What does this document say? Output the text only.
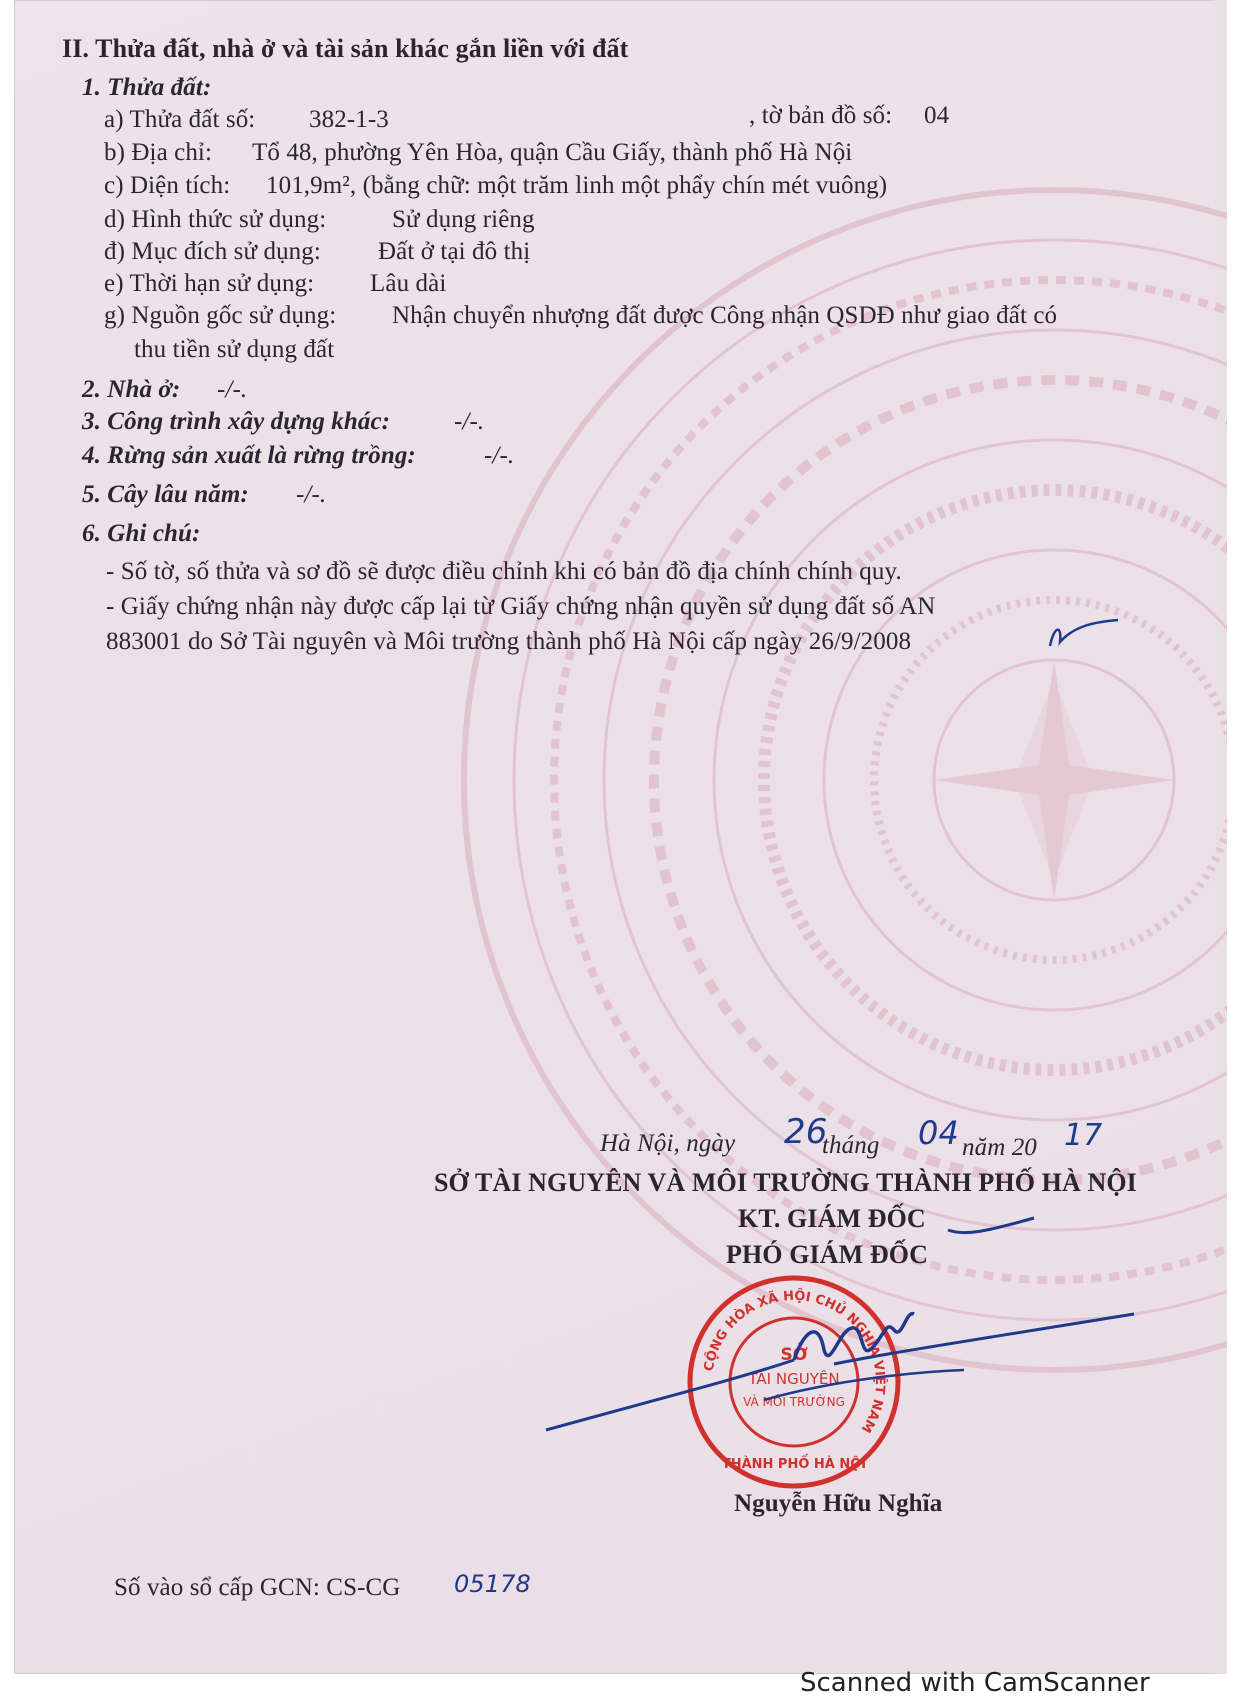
II. Thửa đất, nhà ở và tài sản khác gắn liền với đất
1. Thửa đất:
a) Thửa đất số: 382-1-3	, tờ bản đồ số: 04
b) Địa chỉ: Tổ 48, phường Yên Hòa, quận Cầu Giấy, thành phố Hà Nội
c) Diện tích: 101,9m², (bằng chữ: một trăm linh một phẩy chín mét vuông)
d) Hình thức sử dụng:	Sử dụng riêng
đ) Mục đích sử dụng: Đất ở tại đô thị
e) Thời hạn sử dụng: Lâu dài
g) Nguồn gốc sử dụng: Nhận chuyển nhượng đất được Công nhận QSDĐ như giao đất có
thu tiền sử dụng đất
2. Nhà ở: -/-.
3. Công trình xây dựng khác:	-/-.
4. Rừng sản xuất là rừng trồng:	-/-.
5. Cây lâu năm: -/-.
6. Ghi chú:
- Số tờ, số thửa và sơ đồ sẽ được điều chỉnh khi có bản đồ địa chính chính quy.
- Giấy chứng nhận này được cấp lại từ Giấy chứng nhận quyền sử dụng đất số AN
883001 do Sở Tài nguyên và Môi trường thành phố Hà Nội cấp ngày 26/9/2008
Hà Nội, ngày 26
tháng 04 năm 20 17
SỞ TÀI NGUYÊN VÀ MÔI TRƯỜNG THÀNH PHỐ HÀ NỘI
KT. GIÁM ĐỐC
PHÓ GIÁM ĐỐC
CỘNG HÒA XÃ HỘI CHỦ NGHĨA VIỆT NAM
SỞ
TÀI NGUYÊN
VÀ MÔI TRƯỜNG
THÀNH PHỐ HÀ NỘI
Nguyễn Hữu Nghĩa
Số vào sổ cấp GCN: CS-CG 05178
Scanned with CamScanner
